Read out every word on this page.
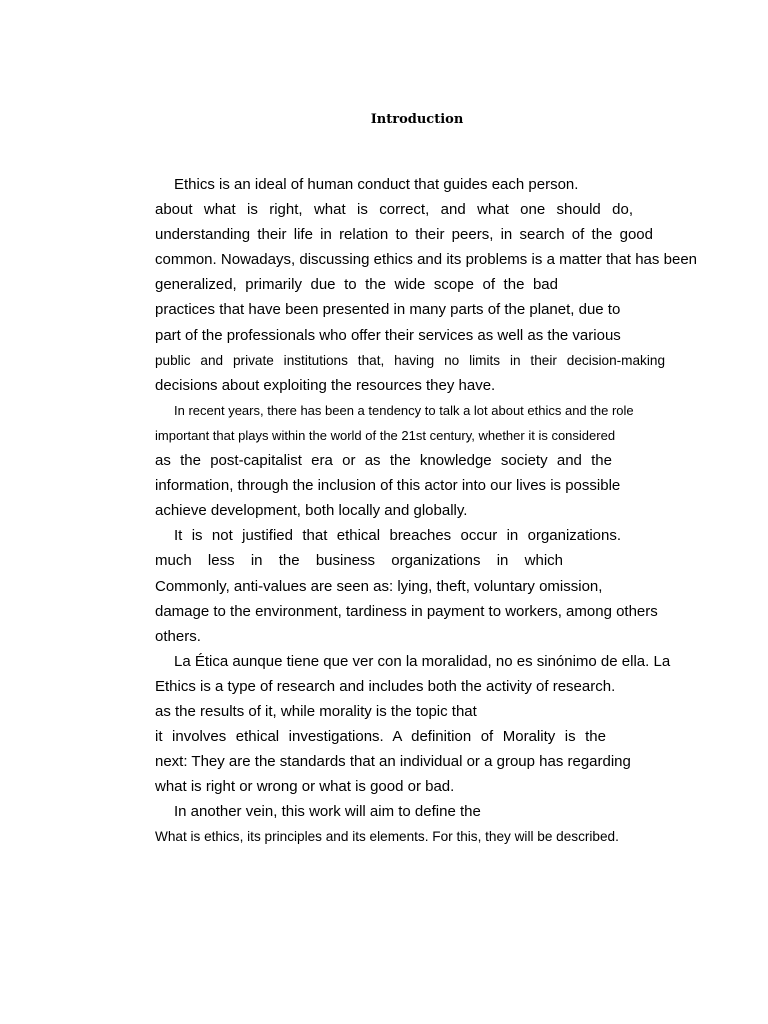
Introduction
Ethics is an ideal of human conduct that guides each person.
about what is right, what is correct, and what one should do,
understanding their life in relation to their peers, in search of the good
common. Nowadays, discussing ethics and its problems is a matter that has been
generalized, primarily due to the wide scope of the bad
practices that have been presented in many parts of the planet, due to
part of the professionals who offer their services as well as the various
public and private institutions that, having no limits in their decision-making
decisions about exploiting the resources they have.
In recent years, there has been a tendency to talk a lot about ethics and the role
important that plays within the world of the 21st century, whether it is considered
as the post-capitalist era or as the knowledge society and the
information, through the inclusion of this actor into our lives is possible
achieve development, both locally and globally.
It is not justified that ethical breaches occur in organizations.
much less in the business organizations in which
Commonly, anti-values are seen as: lying, theft, voluntary omission,
damage to the environment, tardiness in payment to workers, among others
others.
La Ética aunque tiene que ver con la moralidad, no es sinónimo de ella. La
Ethics is a type of research and includes both the activity of research.
as the results of it, while morality is the topic that
it involves ethical investigations. A definition of Morality is the
next: They are the standards that an individual or a group has regarding
what is right or wrong or what is good or bad.
In another vein, this work will aim to define the
What is ethics, its principles and its elements. For this, they will be described.
